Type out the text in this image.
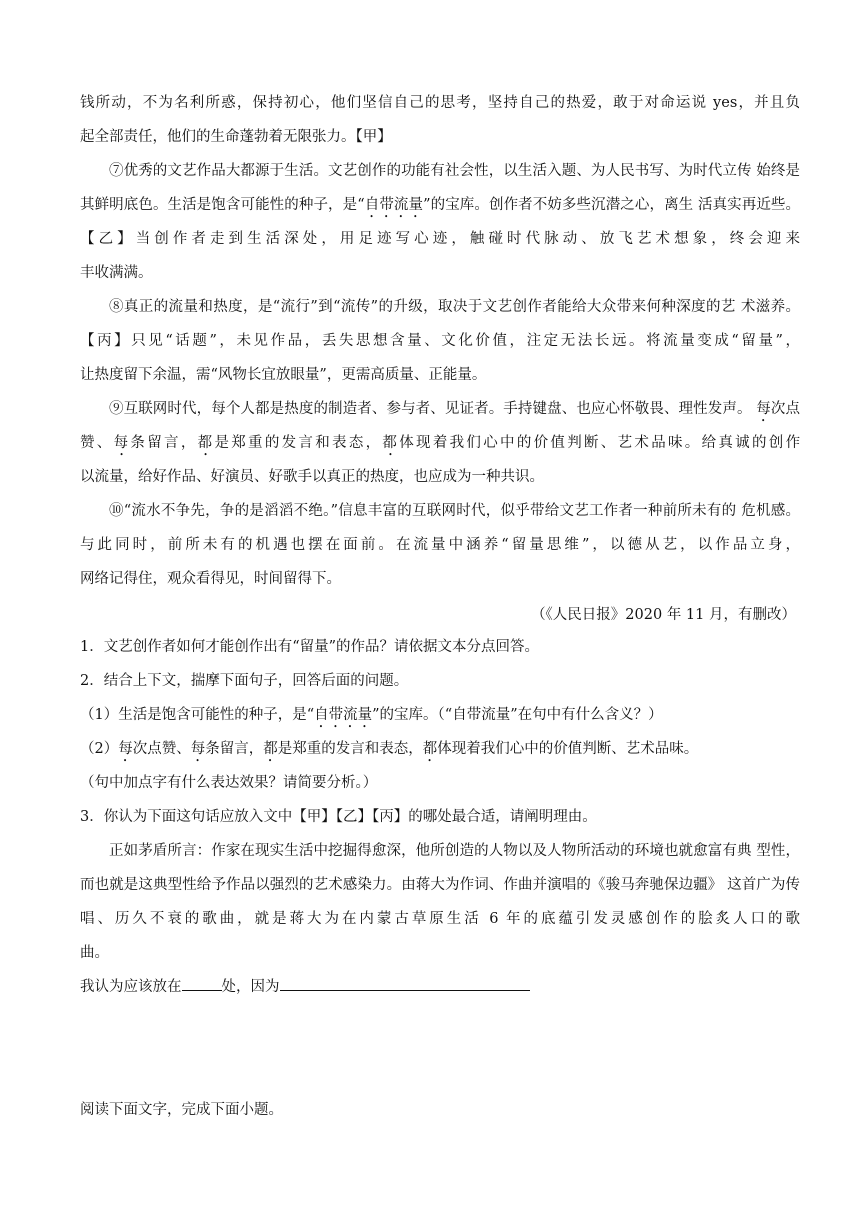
钱所动，不为名利所惑，保持初心，他们坚信自己的思考，坚持自己的热爱，敢于对命运说 yes，并且负
起全部责任，他们的生命蓬勃着无限张力。【甲】
⑦优秀的文艺作品大都源于生活。文艺创作的功能有社会性，以生活入题、为人民书写、为时代立传 始终是其鲜明底色。生活是饱含可能性的种子，是“自带流量”的宝库。创作者不妨多些沉潜之心，离生 活真实再近些。【乙】当创作者走到生活深处，用足迹写心迹，触碰时代脉动、放飞艺术想象，终会迎来
丰收满满。
⑧真正的流量和热度，是“流行”到“流传”的升级，取决于文艺创作者能给大众带来何种深度的艺 术滋养。【丙】只见“话题”，未见作品，丢失思想含量、文化价值，注定无法长远。将流量变成“留量”，
让热度留下余温，需“风物长宜放眼量”，更需高质量、正能量。
⑨互联网时代，每个人都是热度的制造者、参与者、见证者。手持键盘、也应心怀敬畏、理性发声。 每次点赞、每条留言，都是郑重的发言和表态，都体现着我们心中的价值判断、艺术品味。给真诚的创作
以流量，给好作品、好演员、好歌手以真正的热度，也应成为一种共识。
⑩“流水不争先，争的是滔滔不绝。”信息丰富的互联网时代，似乎带给文艺工作者一种前所未有的 危机感。与此同时，前所未有的机遇也摆在面前。在流量中涵养“留量思维”，以德从艺，以作品立身，
网络记得住，观众看得见，时间留得下。
（《人民日报》2020 年 11 月，有删改）
1．文艺创作者如何才能创作出有“留量”的作品？请依据文本分点回答。
2．结合上下文，揣摩下面句子，回答后面的问题。
（1）生活是饱含可能性的种子，是“自带流量”的宝库。（“自带流量”在句中有什么含义？）
（2）每次点赞、每条留言，都是郑重的发言和表态，都体现着我们心中的价值判断、艺术品味。
（句中加点字有什么表达效果？请简要分析。）
3．你认为下面这句话应放入文中【甲】【乙】【丙】的哪处最合适，请阐明理由。
正如茅盾所言：作家在现实生活中挖掘得愈深，他所创造的人物以及人物所活动的环境也就愈富有典 型性，而也就是这典型性给予作品以强烈的艺术感染力。由蒋大为作词、作曲并演唱的《骏马奔驰保边疆》 这首广为传唱、历久不衰的歌曲，就是蒋大为在内蒙古草原生活 6 年的底蕴引发灵感创作的脍炙人口的歌
曲。
我认为应该放在	处，因为
阅读下面文字，完成下面小题。
